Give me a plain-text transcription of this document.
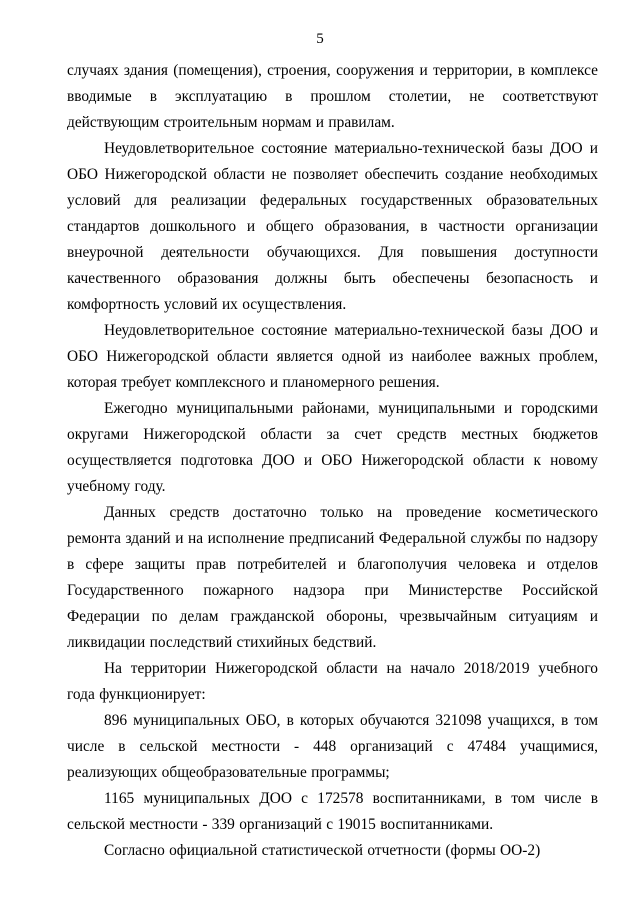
5

случаях здания (помещения), строения, сооружения и территории, в комплексе вводимые в эксплуатацию в прошлом столетии, не соответствуют действующим строительным нормам и правилам.

Неудовлетворительное состояние материально-технической базы ДОО и ОБО Нижегородской области не позволяет обеспечить создание необходимых условий для реализации федеральных государственных образовательных стандартов дошкольного и общего образования, в частности организации внеурочной деятельности обучающихся. Для повышения доступности качественного образования должны быть обеспечены безопасность и комфортность условий их осуществления.

Неудовлетворительное состояние материально-технической базы ДОО и ОБО Нижегородской области является одной из наиболее важных проблем, которая требует комплексного и планомерного решения.

Ежегодно муниципальными районами, муниципальными и городскими округами Нижегородской области за счет средств местных бюджетов осуществляется подготовка ДОО и ОБО Нижегородской области к новому учебному году.

Данных средств достаточно только на проведение косметического ремонта зданий и на исполнение предписаний Федеральной службы по надзору в сфере защиты прав потребителей и благополучия человека и отделов Государственного пожарного надзора при Министерстве Российской Федерации по делам гражданской обороны, чрезвычайным ситуациям и ликвидации последствий стихийных бедствий.

На территории Нижегородской области на начало 2018/2019 учебного года функционирует:

896 муниципальных ОБО, в которых обучаются 321098 учащихся, в том числе в сельской местности - 448 организаций с 47484 учащимися, реализующих общеобразовательные программы;

1165 муниципальных ДОО с 172578 воспитанниками, в том числе в сельской местности - 339 организаций с 19015 воспитанниками.

Согласно официальной статистической отчетности (формы ОО-2)
